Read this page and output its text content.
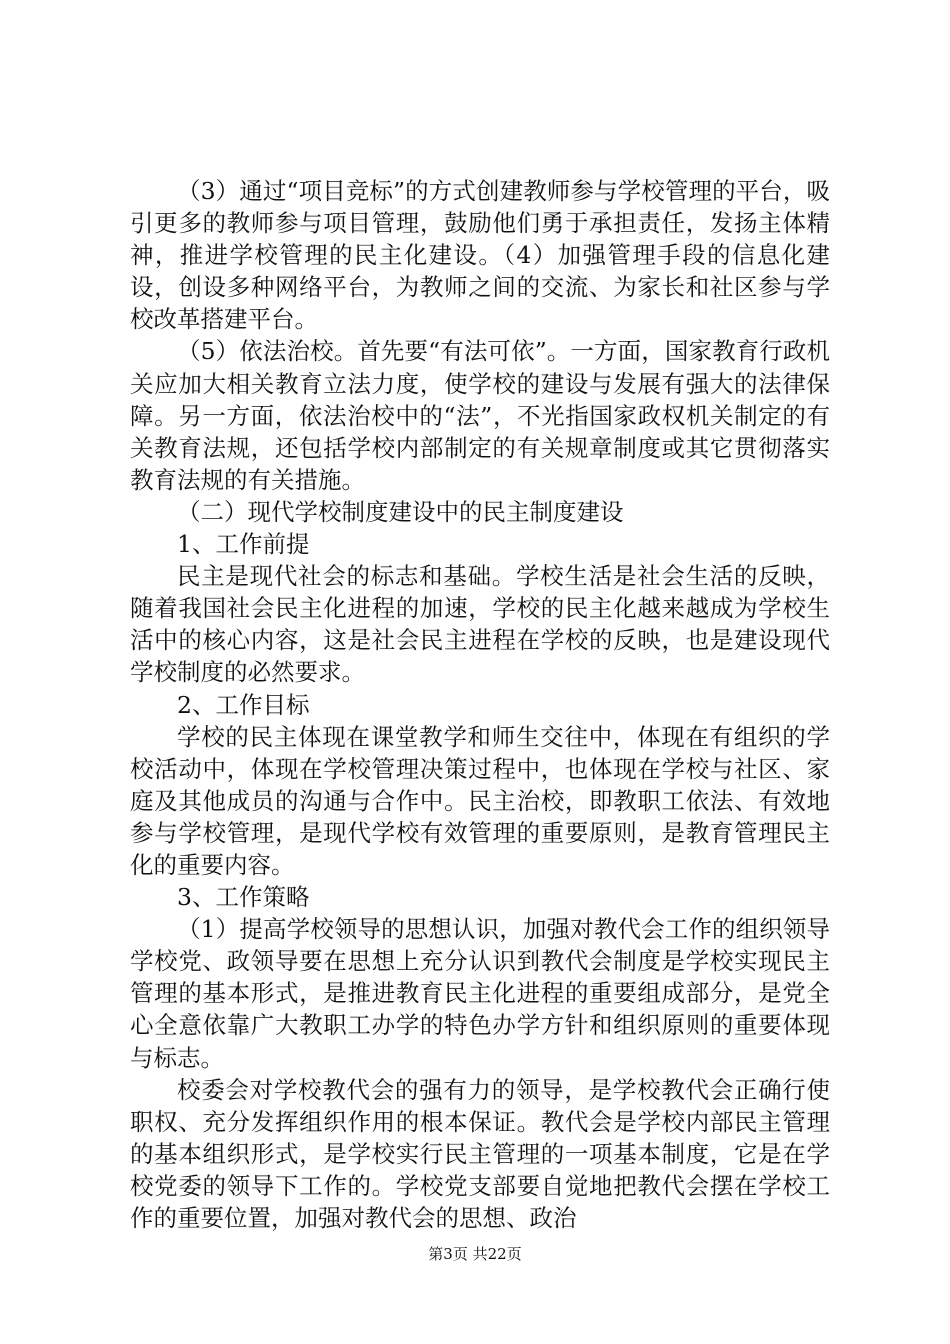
（3）通过“项目竞标”的方式创建教师参与学校管理的平台，吸引更多的教师参与项目管理，鼓励他们勇于承担责任，发扬主体精神，推进学校管理的民主化建设。（4）加强管理手段的信息化建设，创设多种网络平台，为教师之间的交流、为家长和社区参与学校改革搭建平台。

（5）依法治校。首先要“有法可依”。一方面，国家教育行政机关应加大相关教育立法力度，使学校的建设与发展有强大的法律保障。另一方面，依法治校中的“法”，不光指国家政权机关制定的有关教育法规，还包括学校内部制定的有关规章制度或其它贯彻落实教育法规的有关措施。

（二）现代学校制度建设中的民主制度建设

1、工作前提

民主是现代社会的标志和基础。学校生活是社会生活的反映，随着我国社会民主化进程的加速，学校的民主化越来越成为学校生活中的核心内容，这是社会民主进程在学校的反映，也是建设现代学校制度的必然要求。

2、工作目标

学校的民主体现在课堂教学和师生交往中，体现在有组织的学校活动中，体现在学校管理决策过程中，也体现在学校与社区、家庭及其他成员的沟通与合作中。民主治校，即教职工依法、有效地参与学校管理，是现代学校有效管理的重要原则，是教育管理民主化的重要内容。

3、工作策略

（1）提高学校领导的思想认识，加强对教代会工作的组织领导学校党、政领导要在思想上充分认识到教代会制度是学校实现民主管理的基本形式，是推进教育民主化进程的重要组成部分，是党全心全意依靠广大教职工办学的特色办学方针和组织原则的重要体现与标志。

校委会对学校教代会的强有力的领导，是学校教代会正确行使职权、充分发挥组织作用的根本保证。教代会是学校内部民主管理的基本组织形式，是学校实行民主管理的一项基本制度，它是在学校党委的领导下工作的。学校党支部要自觉地把教代会摆在学校工作的重要位置，加强对教代会的思想、政治

第3页 共22页
